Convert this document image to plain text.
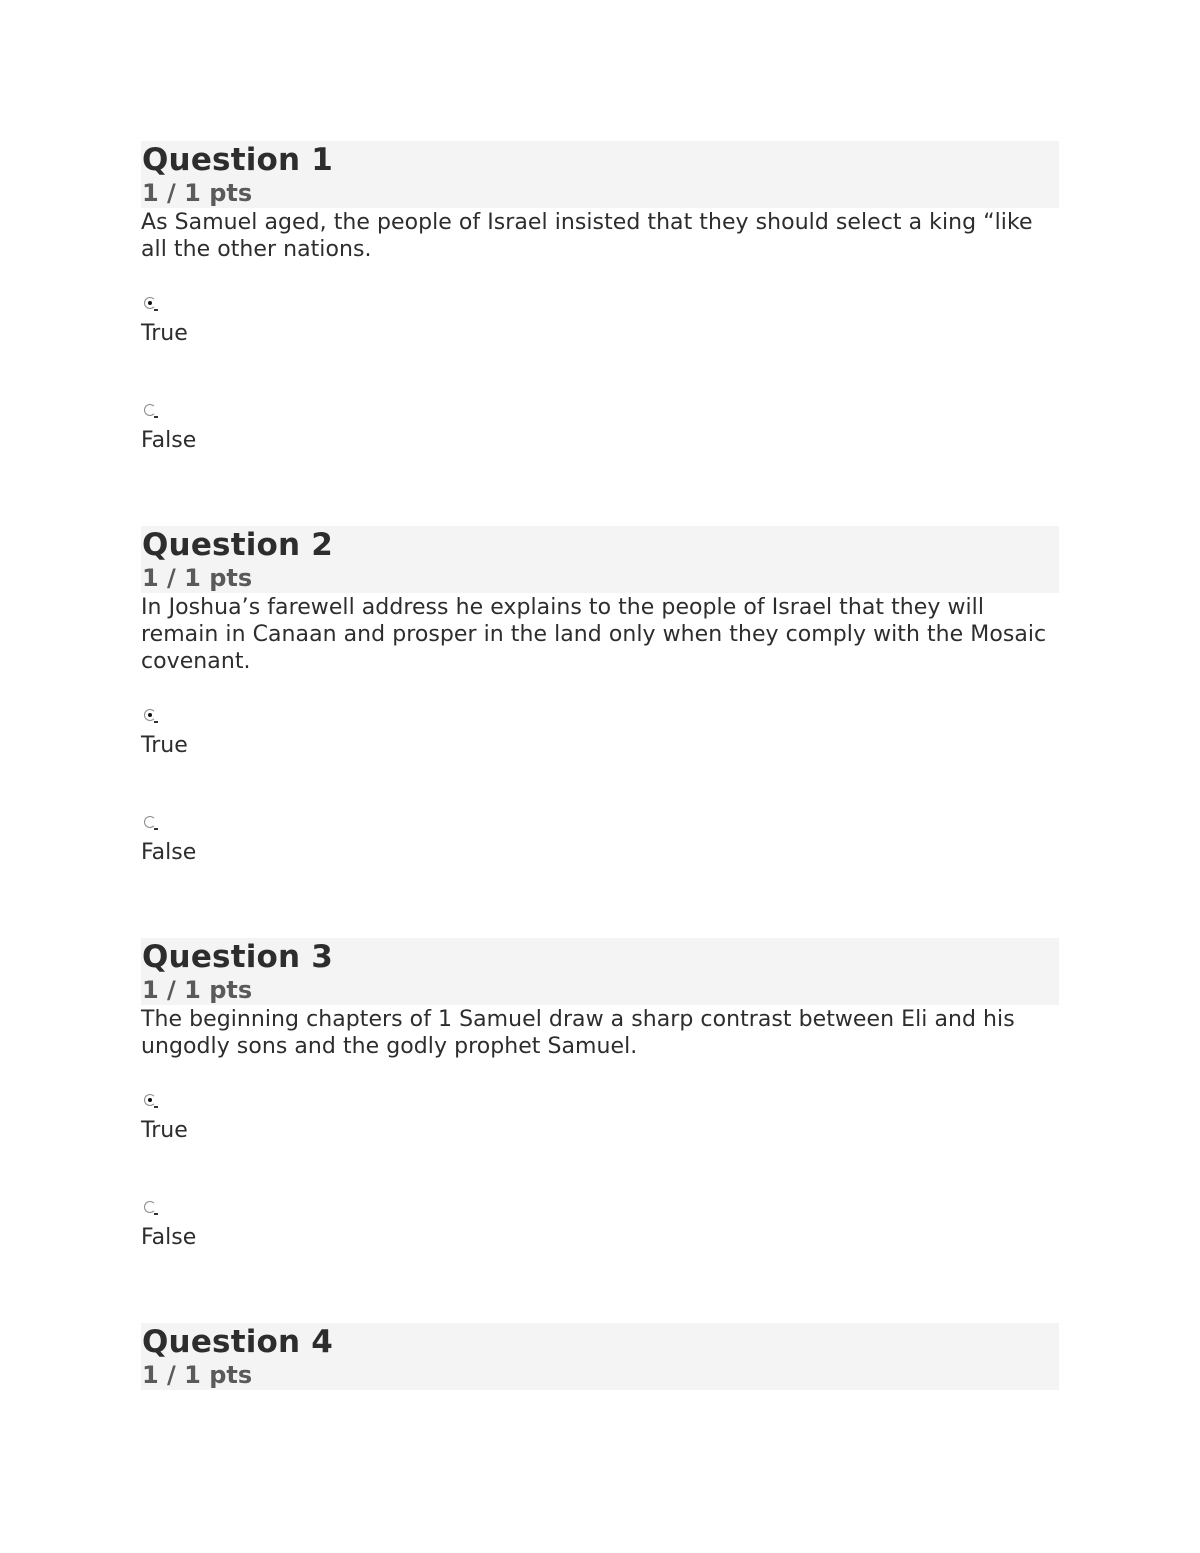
Question 1
1 / 1 pts

As Samuel aged, the people of Israel insisted that they should select a king “like all the other nations.

True
False
Question 2
1 / 1 pts

In Joshua’s farewell address he explains to the people of Israel that they will remain in Canaan and prosper in the land only when they comply with the Mosaic covenant.

True
False
Question 3
1 / 1 pts

The beginning chapters of 1 Samuel draw a sharp contrast between Eli and his ungodly sons and the godly prophet Samuel.

True
False
Question 4
1 / 1 pts
